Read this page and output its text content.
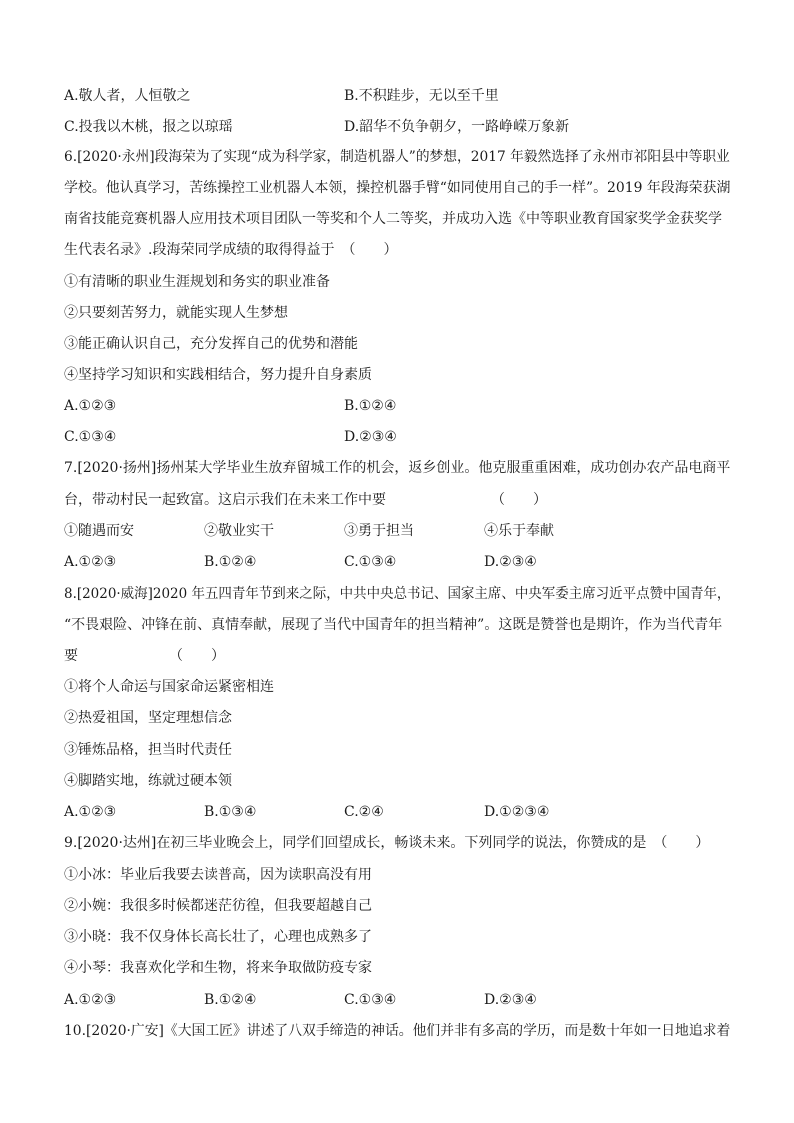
A.敬人者，人恒敬之	B.不积跬步，无以至千里
C.投我以木桃，报之以琼瑶	D.韶华不负争朝夕，一路峥嵘万象新
6.[2020·永州]段海荣为了实现“成为科学家，制造机器人”的梦想，2017 年毅然选择了永州市祁阳县中等职业
学校。他认真学习，苦练操控工业机器人本领，操控机器手臂“如同使用自己的手一样”。2019 年段海荣获湖
南省技能竞赛机器人应用技术项目团队一等奖和个人二等奖，并成功入选《中等职业教育国家奖学金获奖学
生代表名录》.段海荣同学成绩的取得得益于　（　　）
①有清晰的职业生涯规划和务实的职业准备
②只要刻苦努力，就能实现人生梦想
③能正确认识自己，充分发挥自己的优势和潜能
④坚持学习知识和实践相结合，努力提升自身素质
A.①②③	B.①②④
C.①③④	D.②③④
7.[2020·扬州]扬州某大学毕业生放弃留城工作的机会，返乡创业。他克服重重困难，成功创办农产品电商平
台，带动村民一起致富。这启示我们在未来工作中要　　　　　　　　（　　）
①随遇而安	②敬业实干	③勇于担当	④乐于奉献
A.①②③	B.①②④	C.①③④	D.②③④
8.[2020·威海]2020 年五四青年节到来之际，中共中央总书记、国家主席、中央军委主席习近平点赞中国青年，
“不畏艰险、冲锋在前、真情奉献，展现了当代中国青年的担当精神”。这既是赞誉也是期许，作为当代青年
要　　　　　　　（　　）
①将个人命运与国家命运紧密相连
②热爱祖国，坚定理想信念
③锤炼品格，担当时代责任
④脚踏实地，练就过硬本领
A.①②③	B.①③④	C.②④	D.①②③④
9.[2020·达州]在初三毕业晚会上，同学们回望成长，畅谈未来。下列同学的说法，你赞成的是　（　　）
①小冰：毕业后我要去读普高，因为读职高没有用
②小婉：我很多时候都迷茫彷徨，但我要超越自己
③小晓：我不仅身体长高长壮了，心理也成熟多了
④小琴：我喜欢化学和生物，将来争取做防疫专家
A.①②③	B.①②④	C.①③④	D.②③④
10.[2020·广安]《大国工匠》讲述了八双手缔造的神话。他们并非有多高的学历，而是数十年如一日地追求着
